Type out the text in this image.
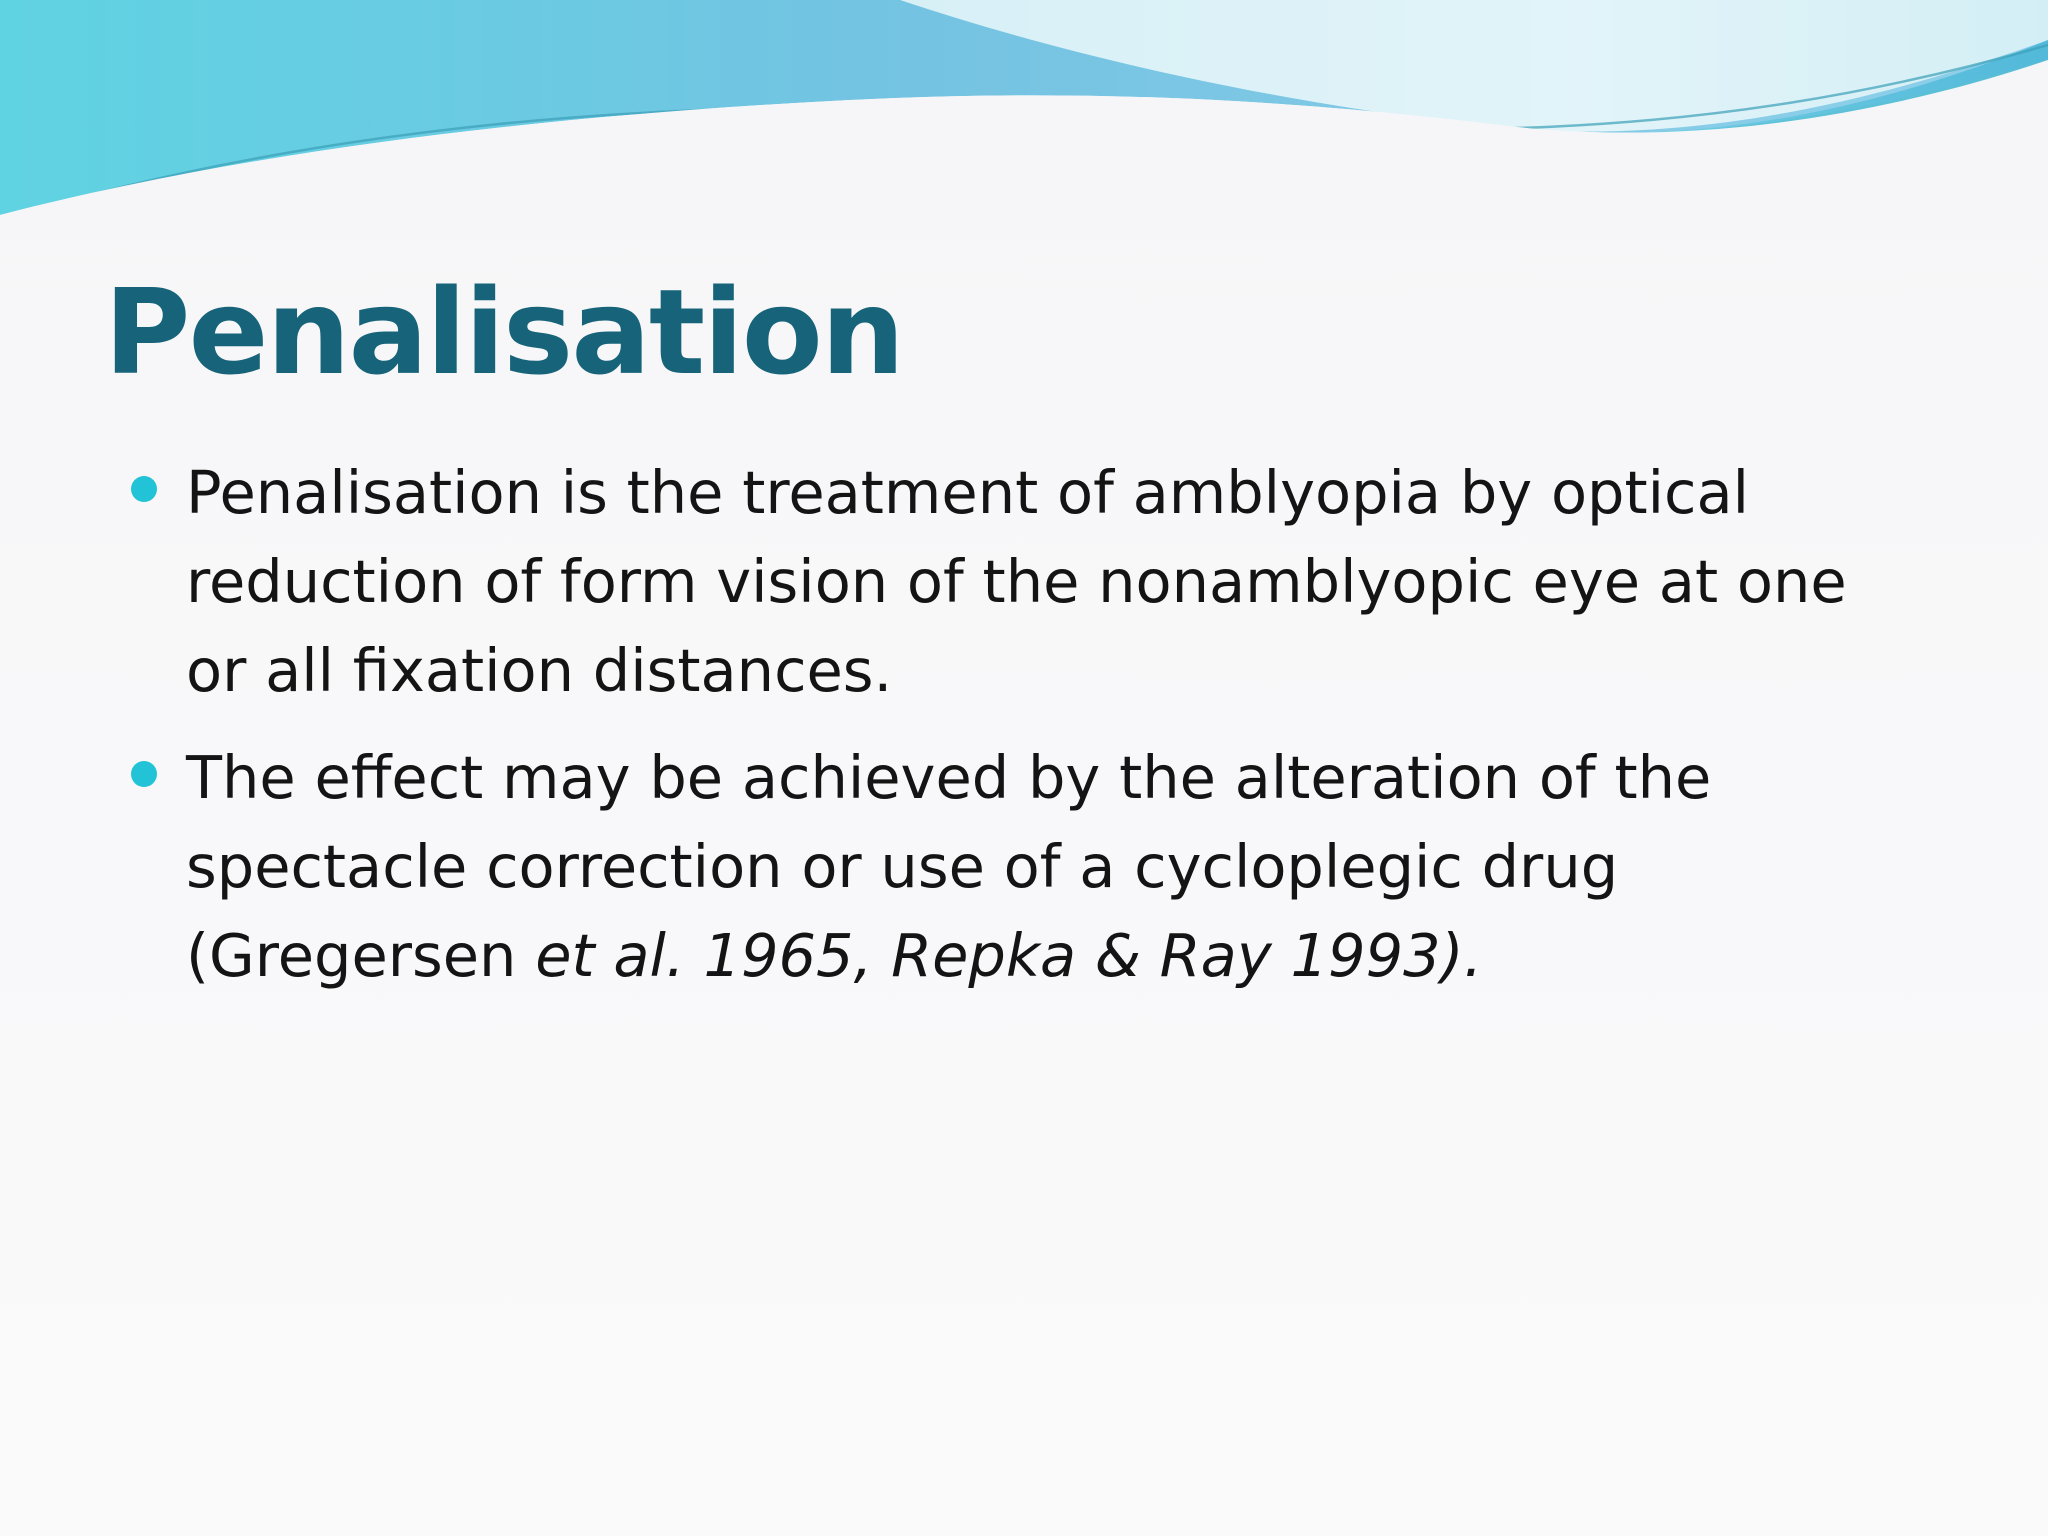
Penalisation
Penalisation is the treatment of amblyopia by optical
reduction of form vision of the nonamblyopic eye at one
or all fixation distances.
The effect may be achieved by the alteration of the
spectacle correction or use of a cycloplegic drug
(Gregersen et al. 1965, Repka & Ray 1993).
